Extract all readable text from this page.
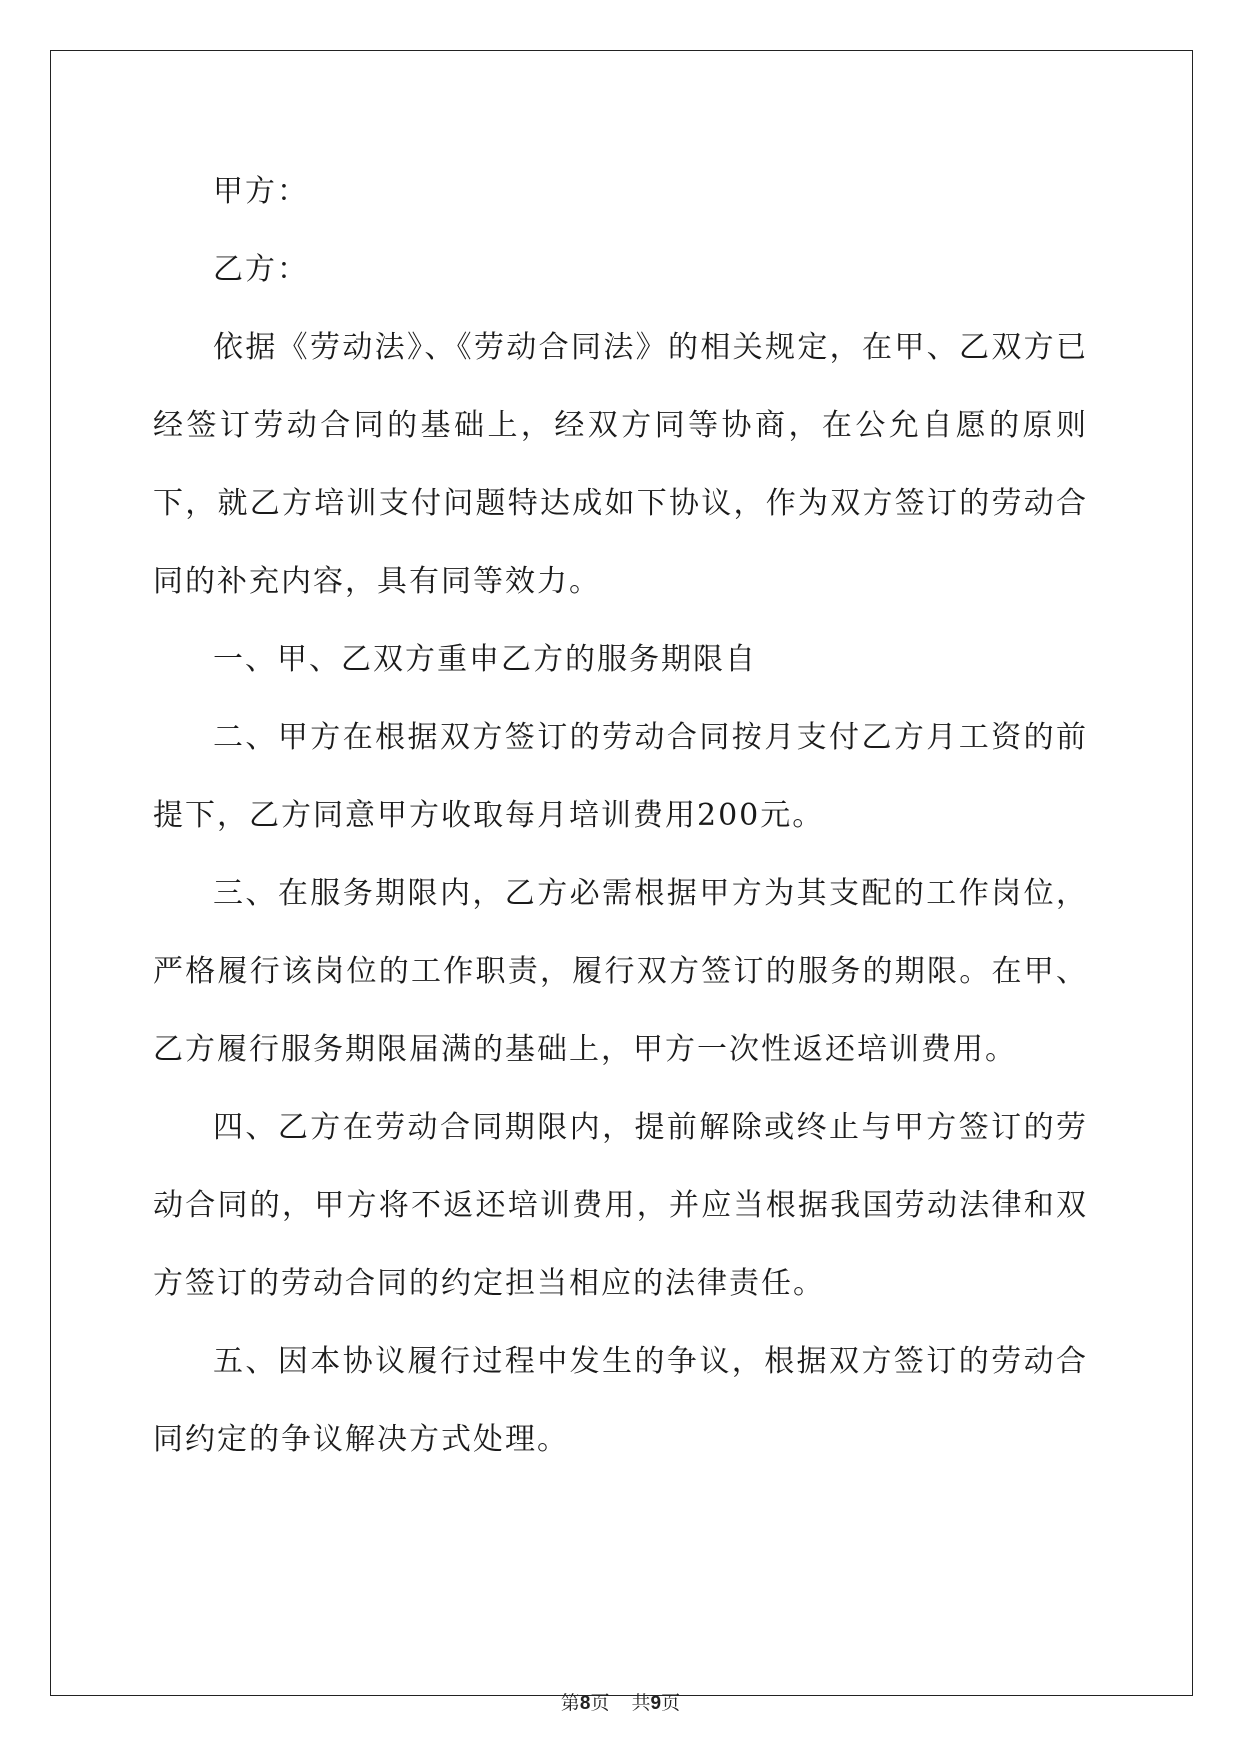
甲方：

乙方：

依据《劳动法》、《劳动合同法》的相关规定，在甲、乙双方已经签订劳动合同的基础上，经双方同等协商，在公允自愿的原则下，就乙方培训支付问题特达成如下协议，作为双方签订的劳动合同的补充内容，具有同等效力。

一、甲、乙双方重申乙方的服务期限自

二、甲方在根据双方签订的劳动合同按月支付乙方月工资的前提下，乙方同意甲方收取每月培训费用200元。

三、在服务期限内，乙方必需根据甲方为其支配的工作岗位，严格履行该岗位的工作职责，履行双方签订的服务的期限。在甲、乙方履行服务期限届满的基础上，甲方一次性返还培训费用。

四、乙方在劳动合同期限内，提前解除或终止与甲方签订的劳动合同的，甲方将不返还培训费用，并应当根据我国劳动法律和双方签订的劳动合同的约定担当相应的法律责任。

五、因本协议履行过程中发生的争议，根据双方签订的劳动合同约定的争议解决方式处理。

第8页 共9页
